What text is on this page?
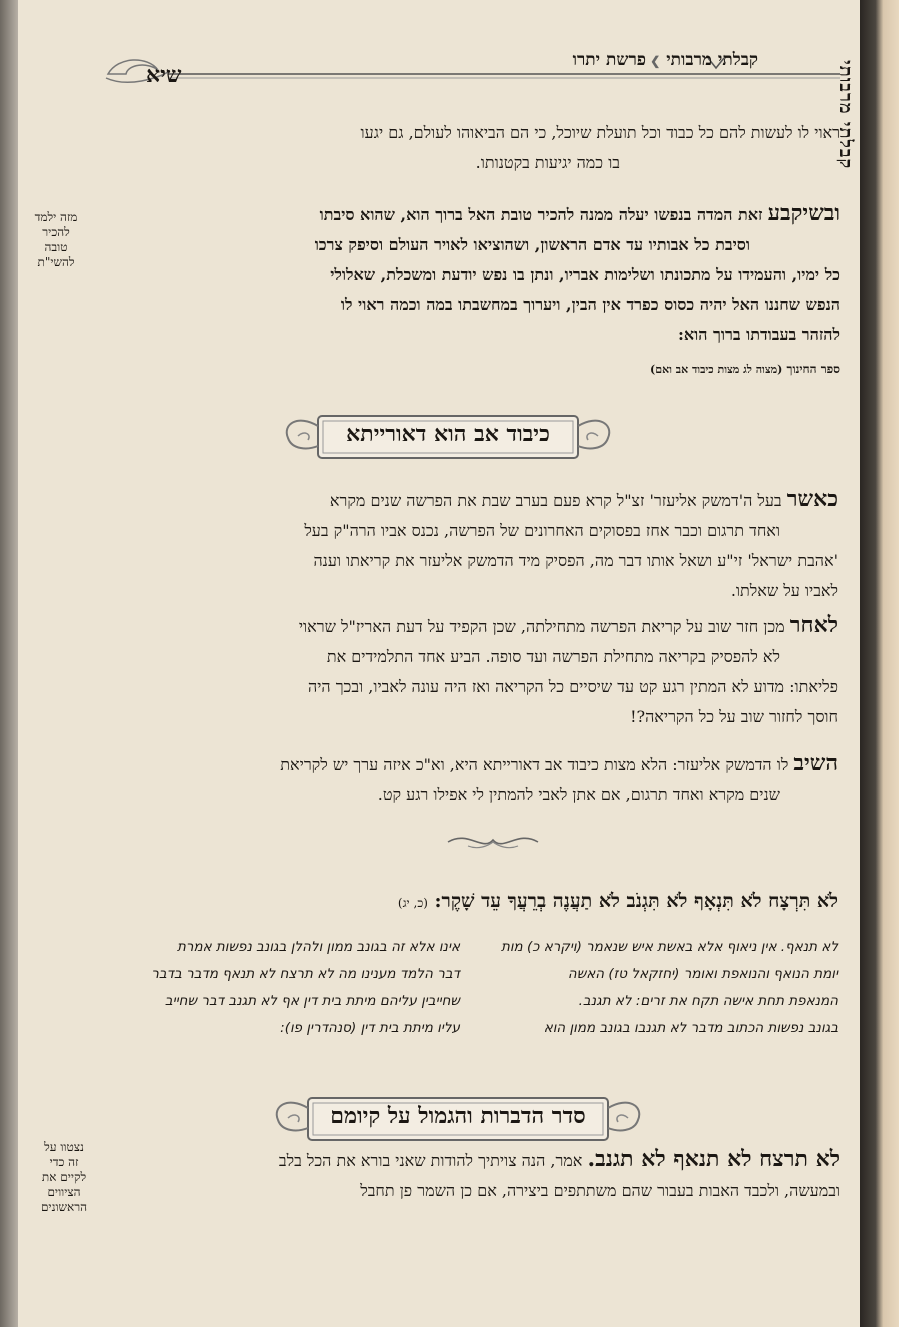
קבלתי מרבותי ❯ פרשת יתרו
שיא	קבלתי מרבותי

ראוי לו לעשות להם כל כבוד וכל תועלת שיוכל, כי הם הביאוהו לעולם, גם יגעו

בו כמה יגיעות בקטנותו.

ובשיקבע זאת המדה בנפשו יעלה ממנה להכיר טובת האל ברוך הוא, שהוא סיבתו

וסיבת כל אבותיו עד אדם הראשון, ושהוציאו לאויר העולם וסיפק צרכו

כל ימיו, והעמידו על מתכונתו ושלימות אבריו, ונתן בו נפש יודעת ומשכלת, שאלולי

הנפש שחננו האל יהיה כסוס כפרד אין הבין, ויערוך במחשבתו במה וכמה ראוי לו

להזהר בעבודתו ברוך הוא:

מזה ילמד
להכיר
טובה
להשי"ת
ספר החינוך (מצוה לג מצות כיבוד אב ואם)
כיבוד אב הוא דאורייתא

כאשר בעל ה'דמשק אליעזר' זצ"ל קרא פעם בערב שבת את הפרשה שנים מקרא

ואחד תרגום וכבר אחז בפסוקים האחרונים של הפרשה, נכנס אביו הרה"ק בעל

'אהבת ישראל' זי"ע ושאל אותו דבר מה, הפסיק מיד הדמשק אליעזר את קריאתו וענה

לאביו על שאלתו.

לאחר מכן חזר שוב על קריאת הפרשה מתחילתה, שכן הקפיד על דעת האריז"ל שראוי

לא להפסיק בקריאה מתחילת הפרשה ועד סופה. הביע אחד התלמידים את

פליאתו: מדוע לא המתין רגע קט עד שיסיים כל הקריאה ואז היה עונה לאביו, ובכך היה

חוסך לחזור שוב על כל הקריאה?!

השיב לו הדמשק אליעזר: הלא מצות כיבוד אב דאורייתא היא, וא"כ איזה ערך יש לקריאת

שנים מקרא ואחד תרגום, אם אתן לאבי להמתין לי אפילו רגע קט.

לֹא תִּרְצָח לֹא תִּנְאָף לֹא תִּגְנֹב לֹא תַעֲנֶה בְרֵעֲךָ עֵד שָׁקֶר: (כ, יג)
לא תנאף. אין ניאוף אלא באשת איש שנאמר (ויקרא כ) מות
יומת הנואף והנואפת ואומר (יחזקאל טז) האשה
המנאפת תחת אישה תקח את זרים: לא תגנב.
בגונב נפשות הכתוב מדבר לא תגנבו בגונב ממון הוא
אינו אלא זה בגונב ממון ולהלן בגונב נפשות אמרת
דבר הלמד מענינו מה לא תרצח לא תנאף מדבר בדבר
שחייבין עליהם מיתת בית דין אף לא תגנב דבר שחייב
עליו מיתת בית דין (סנהדרין פו):
סדר הדברות והגמול על קיומם

לא תרצח לא תנאף לא תגנב. אמר, הנה צויתיך להודות שאני בורא את הכל בלב

ובמעשה, ולכבד האבות בעבור שהם משתתפים ביצירה, אם כן השמר פן תחבל

נצטוו על
זה כדי
לקיים את
הציווים
הראשונים
